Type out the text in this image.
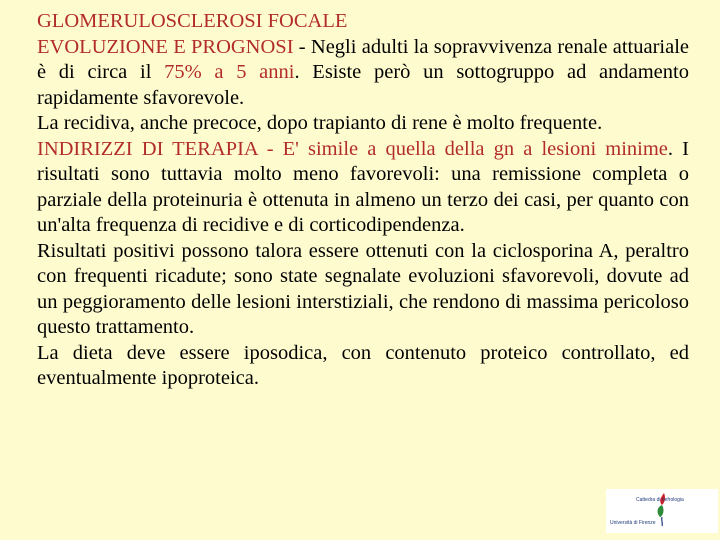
GLOMERULOSCLEROSI FOCALE

EVOLUZIONE E PROGNOSI - Negli adulti la sopravvivenza renale attuariale è di circa il 75% a 5 anni. Esiste però un sottogruppo ad andamento rapidamente sfavorevole.

La recidiva, anche precoce, dopo trapianto di rene è molto frequente.

INDIRIZZI DI TERAPIA - E' simile a quella della gn a lesioni minime. I risultati sono tuttavia molto meno favorevoli: una remissione completa o parziale della proteinuria è ottenuta in almeno un terzo dei casi, per quanto con un'alta frequenza di recidive e di corticodipendenza.

Risultati positivi possono talora essere ottenuti con la ciclosporina A, peraltro con frequenti ricadute; sono state segnalate evoluzioni sfavorevoli, dovute ad un peggioramento delle lesioni interstiziali, che rendono di massima pericoloso questo trattamento.

La dieta deve essere iposodica, con contenuto proteico controllato, ed eventualmente ipoproteica.

Cattedra di nefrologia
Università di Firenze
